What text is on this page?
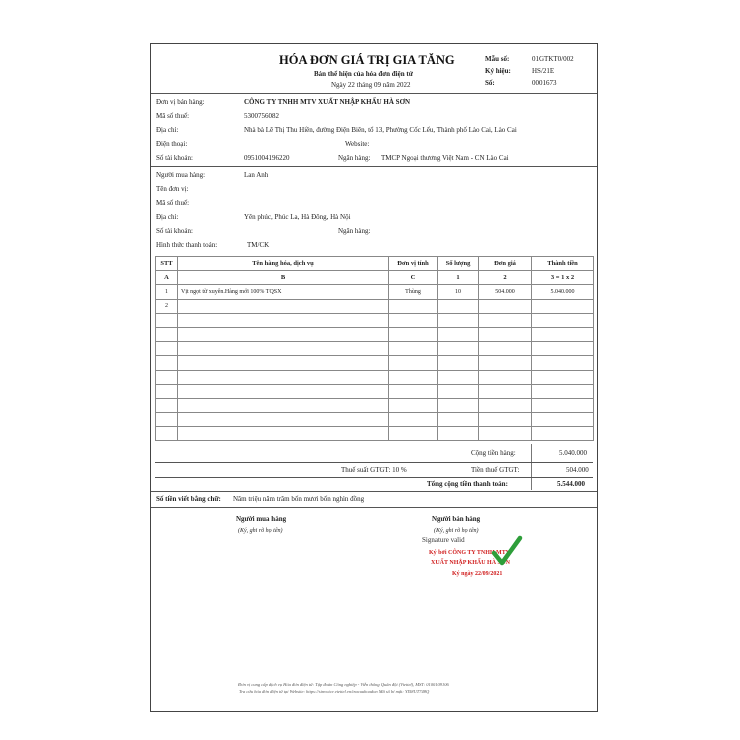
HÓA ĐƠN GIÁ TRỊ GIA TĂNG
Bản thể hiện của hóa đơn điện tử
Ngày 22 tháng 09 năm 2022
Mẫu số:	01GTKT0/002
Ký hiệu:	HS/21E
Số:	0001673
Đơn vị bán hàng:	CÔNG TY TNHH MTV XUẤT NHẬP KHẨU HÀ SƠN
Mã số thuế:	5300756082
Địa chỉ:	Nhà bà Lê Thị Thu Hiền, đường Điện Biên, tổ 13, Phường Cốc Lếu, Thành phố Lào Cai, Lào Cai
Điện thoại:	Website:
Số tài khoản:	0951004196220	Ngân hàng: TMCP Ngoại thương Việt Nam - CN Lào Cai
Người mua hàng:	Lan Anh
Tên đơn vị:
Mã số thuế:
Địa chỉ:	Yên phúc, Phúc La, Hà Đông, Hà Nội
Số tài khoản:	Ngân hàng:
Hình thức thanh toán:	TM/CK
STT	Tên hàng hóa, dịch vụ	Đơn vị tính	Số lượng	Đơn giá	Thành tiền
A	B	C	1	2	3 = 1 x 2
1	Vịt ngọt từ xuyên.Hàng mới 100% TQSX	Thùng	10	504.000	5.040.000
2					

Cộng tiền hàng:	5.040.000
Thuế suất GTGT: 10 %	Tiền thuế GTGT:	504.000
Tổng cộng tiền thanh toán:	5.544.000
Số tiền viết bằng chữ: Năm triệu năm trăm bốn mươi bốn nghìn đồng
Người mua hàng
(Ký, ghi rõ họ tên)
Người bán hàng
(Ký, ghi rõ họ tên)
Signature valid
Ký bởi CÔNG TY TNHH MTV
XUẤT NHẬP KHẨU HÀ SƠN
Ký ngày 22/09/2021
Đơn vị cung cấp dịch vụ Hóa đơn điện tử: Tập đoàn Công nghiệp - Viễn thông Quân đội (Viettel), MST: 0100109106
Tra cứu hóa đơn điện tử tại Website: https://sinvoice.viettel.vn/tracuuhoadon Mã số bí mật: YI58UT748Q
